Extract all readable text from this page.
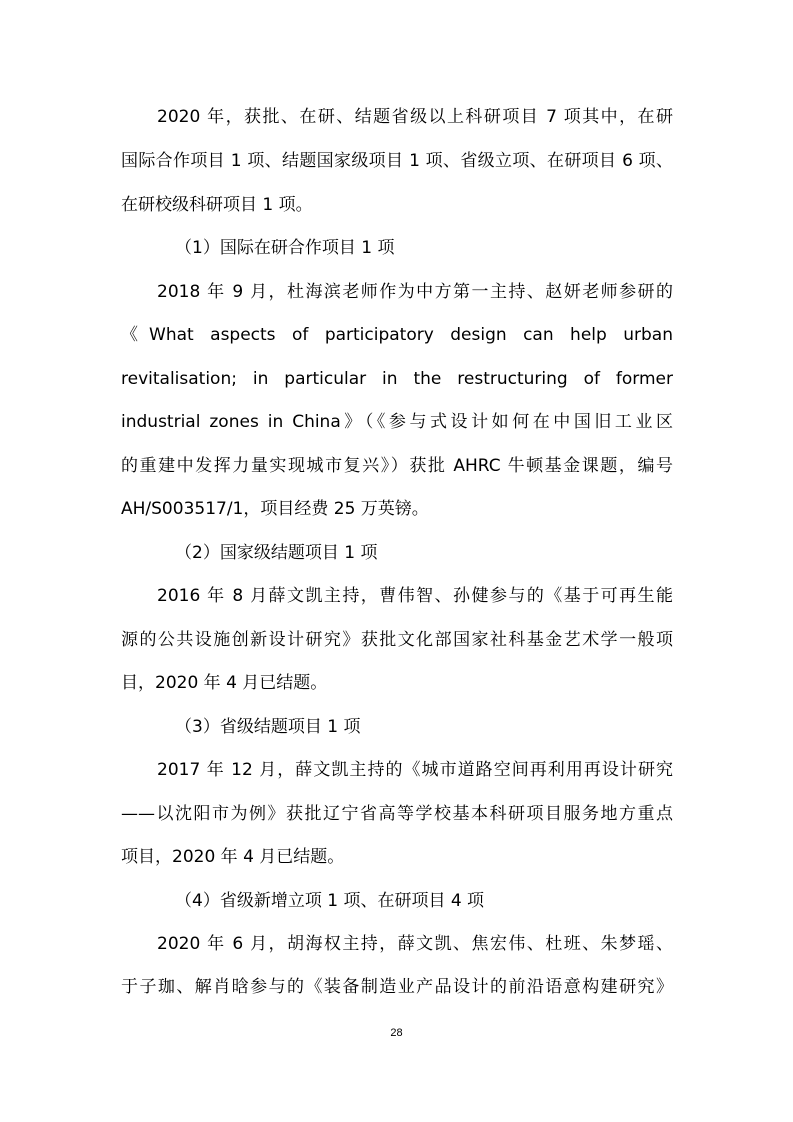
2020 年，获批、在研、结题省级以上科研项目 7 项其中，在研
国际合作项目 1 项、结题国家级项目 1 项、省级立项、在研项目 6 项、
在研校级科研项目 1 项。
（1）国际在研合作项目 1 项
2018 年 9 月，杜海滨老师作为中方第一主持、赵妍老师参研的
《What aspects of participatory design can help urban
revitalisation; in particular in the restructuring of former
industrial zones in China》（《参与式设计如何在中国旧工业区
的重建中发挥力量实现城市复兴》）获批 AHRC 牛顿基金课题，编号
AH/S003517/1，项目经费 25 万英镑。
（2）国家级结题项目 1 项
2016 年 8 月薛文凯主持，曹伟智、孙健参与的《基于可再生能
源的公共设施创新设计研究》获批文化部国家社科基金艺术学一般项
目，2020 年 4 月已结题。
（3）省级结题项目 1 项
2017 年 12 月，薛文凯主持的《城市道路空间再利用再设计研究
——以沈阳市为例》获批辽宁省高等学校基本科研项目服务地方重点
项目，2020 年 4 月已结题。
（4）省级新增立项 1 项、在研项目 4 项
2020 年 6 月，胡海权主持，薛文凯、焦宏伟、杜班、朱梦瑶、
于子珈、解肖晗参与的《装备制造业产品设计的前沿语意构建研究》
28
